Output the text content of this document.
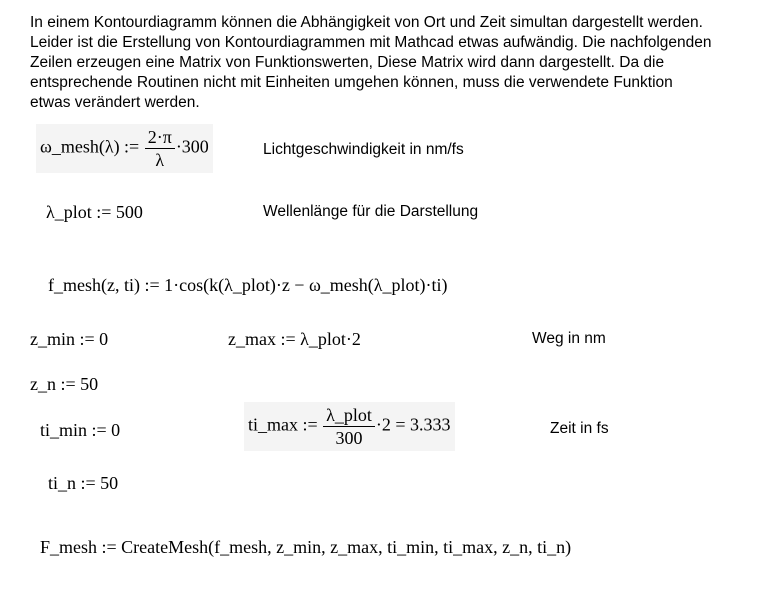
In einem Kontourdiagramm können die Abhängigkeit von Ort und Zeit simultan dargestellt werden.
Leider ist die Erstellung von Kontourdiagrammen mit Mathcad etwas aufwändig. Die nachfolgenden
Zeilen erzeugen eine Matrix von Funktionswerten, Diese Matrix wird dann dargestellt. Da die
entsprechende Routinen nicht mit Einheiten umgehen können, muss die verwendete Funktion
etwas verändert werden.
ω_mesh(λ) := $\frac{2\cdot\pi}{\lambda} \cdot 300$	Lichtgeschwindigkeit in nm/fs
λ_plot := 500	Wellenlänge für die Darstellung
f_mesh(z, ti) := 1·cos(k(λ_plot)·z − ω_mesh(λ_plot)·ti)
z_min := 0	z_max := λ_plot·2	Weg in nm
z_n := 50
ti_min := 0	ti_max := $\frac{\text{λ\_plot}}{300} \cdot 2 = 3.333$	Zeit in fs
ti_n := 50
F_mesh := CreateMesh(f_mesh, z_min, z_max, ti_min, ti_max, z_n, ti_n)
